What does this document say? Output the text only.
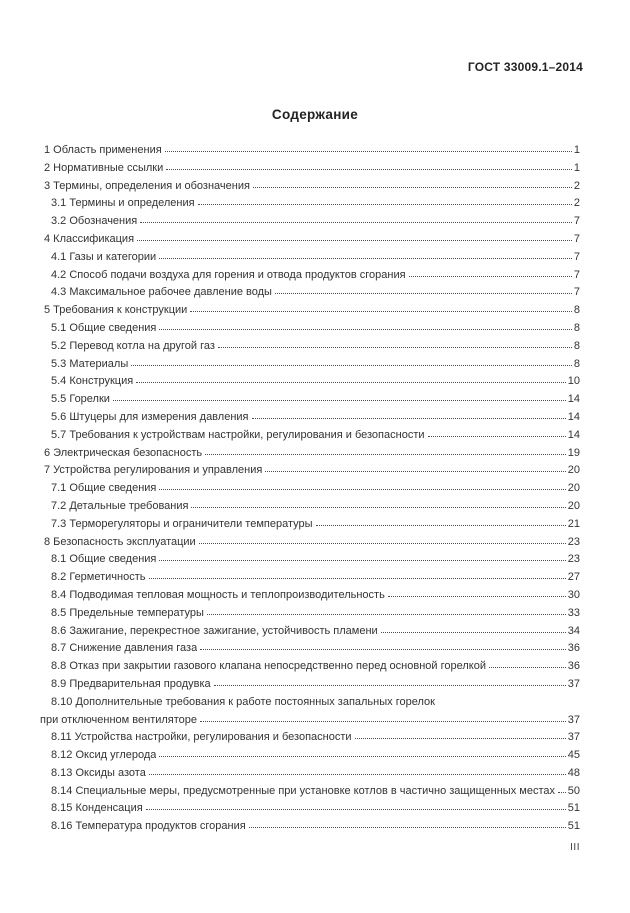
ГОСТ 33009.1–2014
Содержание
1 Область применения	1
2 Нормативные ссылки	1
3 Термины, определения и обозначения	2
3.1 Термины и определения	2
3.2 Обозначения	7
4 Классификация	7
4.1 Газы и категории	7
4.2 Способ подачи воздуха для горения и отвода продуктов сгорания	7
4.3 Максимальное рабочее давление воды	7
5 Требования к конструкции	8
5.1 Общие сведения	8
5.2 Перевод котла на другой газ	8
5.3 Материалы	8
5.4 Конструкция	10
5.5 Горелки	14
5.6 Штуцеры для измерения давления	14
5.7 Требования к устройствам настройки, регулирования и безопасности	14
6 Электрическая безопасность	19
7 Устройства регулирования и управления	20
7.1 Общие сведения	20
7.2 Детальные требования	20
7.3 Терморегуляторы и ограничители температуры	21
8 Безопасность эксплуатации	23
8.1 Общие сведения	23
8.2 Герметичность	27
8.4 Подводимая тепловая мощность и теплопроизводительность	30
8.5 Предельные температуры	33
8.6 Зажигание, перекрестное зажигание, устойчивость пламени	34
8.7 Снижение давления газа	36
8.8 Отказ при закрытии газового клапана непосредственно перед основной горелкой	36
8.9 Предварительная продувка	37
8.10 Дополнительные требования к работе постоянных запальных горелок
при отключенном вентиляторе	37
8.11 Устройства настройки, регулирования и безопасности	37
8.12 Оксид углерода	45
8.13 Оксиды азота	48
8.14 Специальные меры, предусмотренные при установке котлов в частично защищенных местах 50
8.15 Конденсация	51
8.16 Температура продуктов сгорания	51
III
